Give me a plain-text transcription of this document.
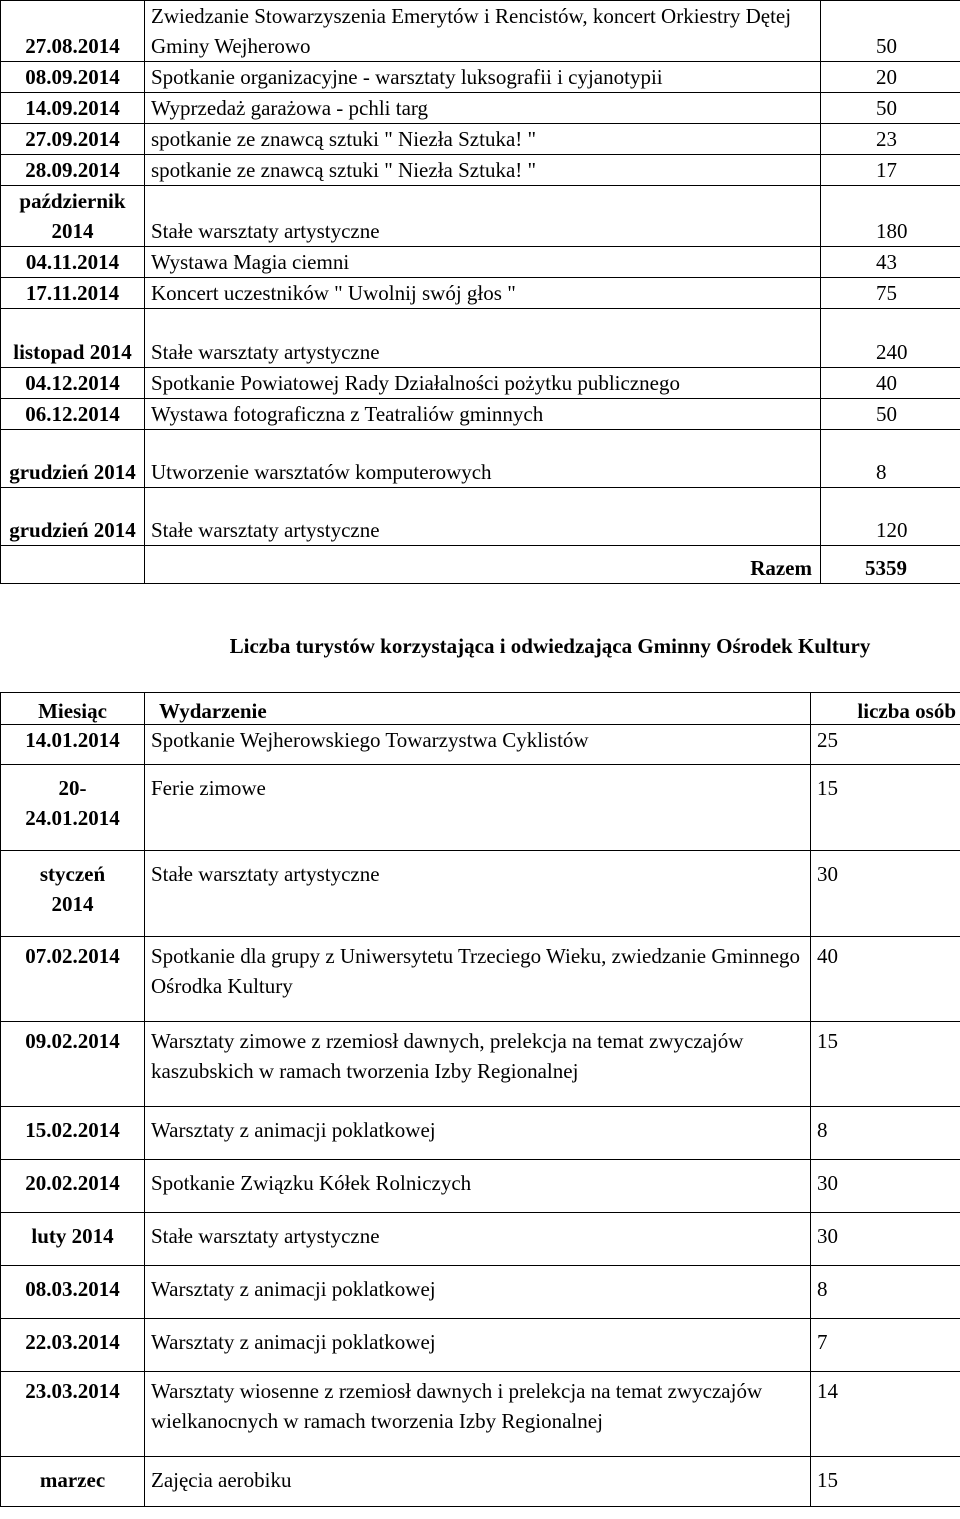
27.08.2014	Zwiedzanie Stowarzyszenia Emerytów i Rencistów, koncert Orkiestry Dętej Gminy Wejherowo	50
08.09.2014	Spotkanie organizacyjne - warsztaty luksografii i cyjanotypii	20
14.09.2014	Wyprzedaż garażowa - pchli targ	50
27.09.2014	spotkanie ze znawcą sztuki " Niezła Sztuka! "	23
28.09.2014	spotkanie ze znawcą sztuki " Niezła Sztuka! "	17
październik 2014	Stałe warsztaty artystyczne	180
04.11.2014	Wystawa Magia ciemni	43
17.11.2014	Koncert uczestników " Uwolnij swój głos "	75
listopad 2014	Stałe warsztaty artystyczne	240
04.12.2014	Spotkanie Powiatowej Rady Działalności pożytku publicznego	40
06.12.2014	Wystawa fotograficzna z Teatraliów gminnych	50
grudzień 2014	Utworzenie warsztatów komputerowych	8
grudzień 2014	Stałe warsztaty artystyczne	120
	Razem	5359
Liczba turystów korzystająca i odwiedzająca Gminny Ośrodek Kultury
Miesiąc	Wydarzenie	liczba osób
14.01.2014	Spotkanie Wejherowskiego Towarzystwa Cyklistów	25
20-24.01.2014	Ferie zimowe	15
styczeń 2014	Stałe warsztaty artystyczne	30
07.02.2014	Spotkanie dla grupy z Uniwersytetu Trzeciego Wieku, zwiedzanie Gminnego Ośrodka Kultury	40
09.02.2014	Warsztaty zimowe z rzemiosł dawnych, prelekcja na temat zwyczajów kaszubskich w ramach tworzenia Izby Regionalnej	15
15.02.2014	Warsztaty z animacji poklatkowej	8
20.02.2014	Spotkanie Związku Kółek Rolniczych	30
luty 2014	Stałe warsztaty artystyczne	30
08.03.2014	Warsztaty z animacji poklatkowej	8
22.03.2014	Warsztaty z animacji poklatkowej	7
23.03.2014	Warsztaty wiosenne z rzemiosł dawnych i prelekcja na temat zwyczajów wielkanocnych w ramach tworzenia Izby Regionalnej	14
marzec	Zajęcia aerobiku	15
